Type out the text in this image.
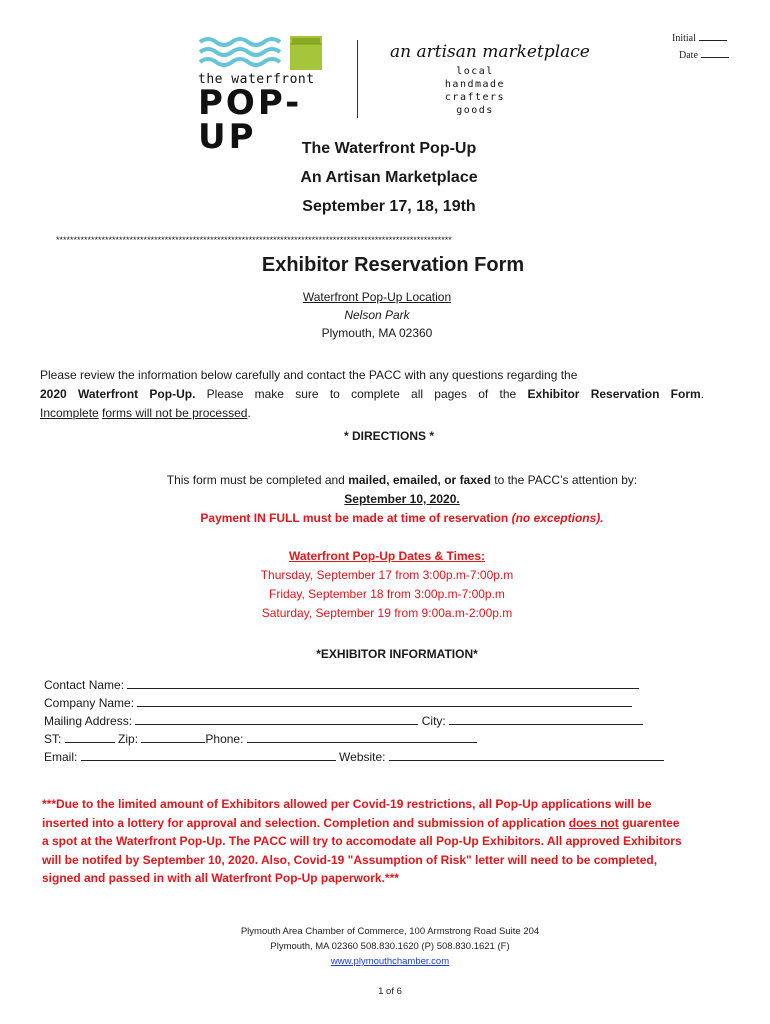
Initial
Date
the waterfront
POP-UP
an artisan marketplace
local
handmade
crafters
goods
The Waterfront Pop-Up
An Artisan Marketplace
September 17, 18, 19th
*****************************************************************************************************************
Exhibitor Reservation Form
Waterfront Pop-Up Location
Nelson Park
Plymouth, MA 02360
Please review the information below carefully and contact the PACC with any questions regarding the
2020 Waterfront Pop-Up. Please make sure to complete all pages of the Exhibitor Reservation Form.
Incomplete forms will not be processed.
* DIRECTIONS *
This form must be completed and mailed, emailed, or faxed to the PACC’s attention by:
September 10, 2020.
Payment IN FULL must be made at time of reservation (no exceptions).
Waterfront Pop-Up Dates & Times:
Thursday, September 17 from 3:00p.m-7:00p.m
Friday, September 18 from 3:00p.m-7:00p.m
Saturday, September 19 from 9:00a.m-2:00p.m
*EXHIBITOR INFORMATION*
Contact Name:
Company Name:
Mailing Address:	City:
ST:	Zip:	Phone:
Email:	Website:
***Due to the limited amount of Exhibitors allowed per Covid-19 restrictions, all Pop-Up applications will be
inserted into a lottery for approval and selection. Completion and submission of application does not guarentee
a spot at the Waterfront Pop-Up. The PACC will try to accomodate all Pop-Up Exhibitors. All approved Exhibitors
will be notifed by September 10, 2020. Also, Covid-19 "Assumption of Risk" letter will need to be completed,
signed and passed in with all Waterfront Pop-Up paperwork.***
Plymouth Area Chamber of Commerce, 100 Armstrong Road Suite 204
Plymouth, MA 02360 508.830.1620 (P) 508.830.1621 (F)
www.plymouthchamber.com
1 of 6
